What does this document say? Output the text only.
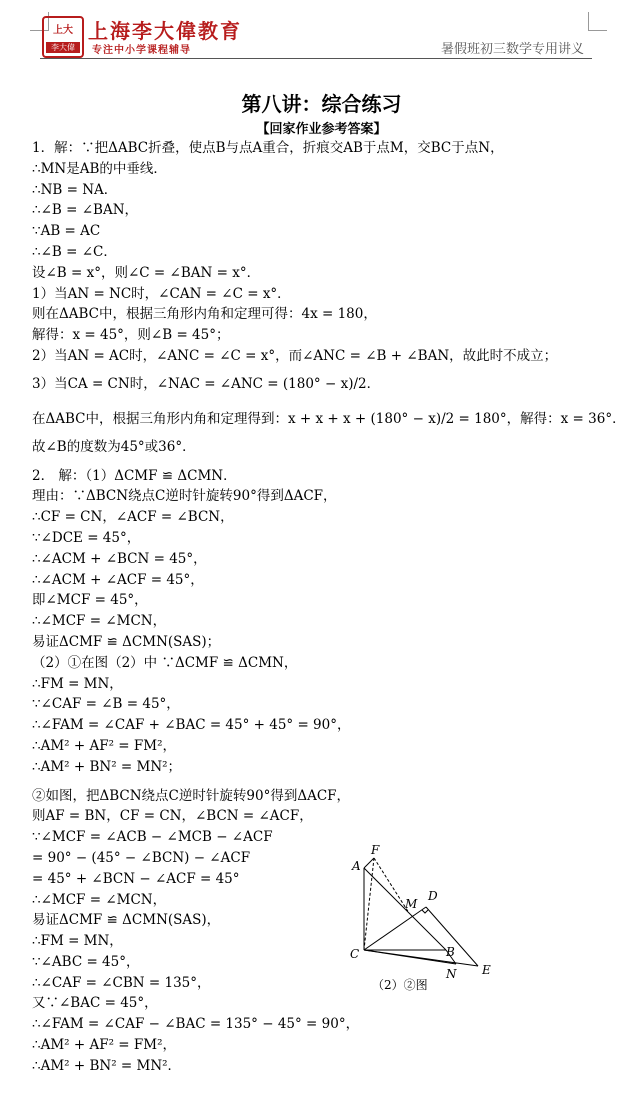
上大
李大偉
上海李大偉教育
专注中小学课程辅导	暑假班初三数学专用讲义
第八讲：综合练习
【回家作业参考答案】
1．解：∵把ΔABC折叠，使点B与点A重合，折痕交AB于点M，交BC于点N，
∴MN是AB的中垂线．
∴NB = NA．
∴∠B = ∠BAN，
∵AB = AC
∴∠B = ∠C．
设∠B = x°，则∠C = ∠BAN = x°．
1）当AN = NC时，∠CAN = ∠C = x°．
则在ΔABC中，根据三角形内角和定理可得：4x = 180，
解得：x = 45°，则∠B = 45°；
2）当AN = AC时，∠ANC = ∠C = x°，而∠ANC = ∠B + ∠BAN，故此时不成立；
3）当CA = CN时，∠NAC = ∠ANC = (180° − x)/2．
在ΔABC中，根据三角形内角和定理得到：x + x + x + (180° − x)/2 = 180°，解得：x = 36°．
故∠B的度数为45°或36°．
2． 解：（1）ΔCMF ≌ ΔCMN．
理由：∵ΔBCN绕点C逆时针旋转90°得到ΔACF，
∴CF = CN，∠ACF = ∠BCN，
∵∠DCE = 45°，
∴∠ACM + ∠BCN = 45°，
∴∠ACM + ∠ACF = 45°，
即∠MCF = 45°，
∴∠MCF = ∠MCN，
易证ΔCMF ≌ ΔCMN(SAS)；
（2）①在图（2）中 ∵ΔCMF ≌ ΔCMN，
∴FM = MN，
∵∠CAF = ∠B = 45°，
∴∠FAM = ∠CAF + ∠BAC = 45° + 45° = 90°，
∴AM² + AF² = FM²，
∴AM² + BN² = MN²；
②如图，把ΔBCN绕点C逆时针旋转90°得到ΔACF，
则AF = BN，CF = CN，∠BCN = ∠ACF，
∵∠MCF = ∠ACB − ∠MCB − ∠ACF
= 90° − (45° − ∠BCN) − ∠ACF
= 45° + ∠BCN − ∠ACF = 45°
∴∠MCF = ∠MCN，
易证ΔCMF ≌ ΔCMN(SAS)，
∴FM = MN，
∵∠ABC = 45°，
∴∠CAF = ∠CBN = 135°，
又∵∠BAC = 45°，
∴∠FAM = ∠CAF − ∠BAC = 135° − 45° = 90°，
∴AM² + AF² = FM²，
∴AM² + BN² = MN²．
F
A
D
M
C	B
N E
（2）②图
